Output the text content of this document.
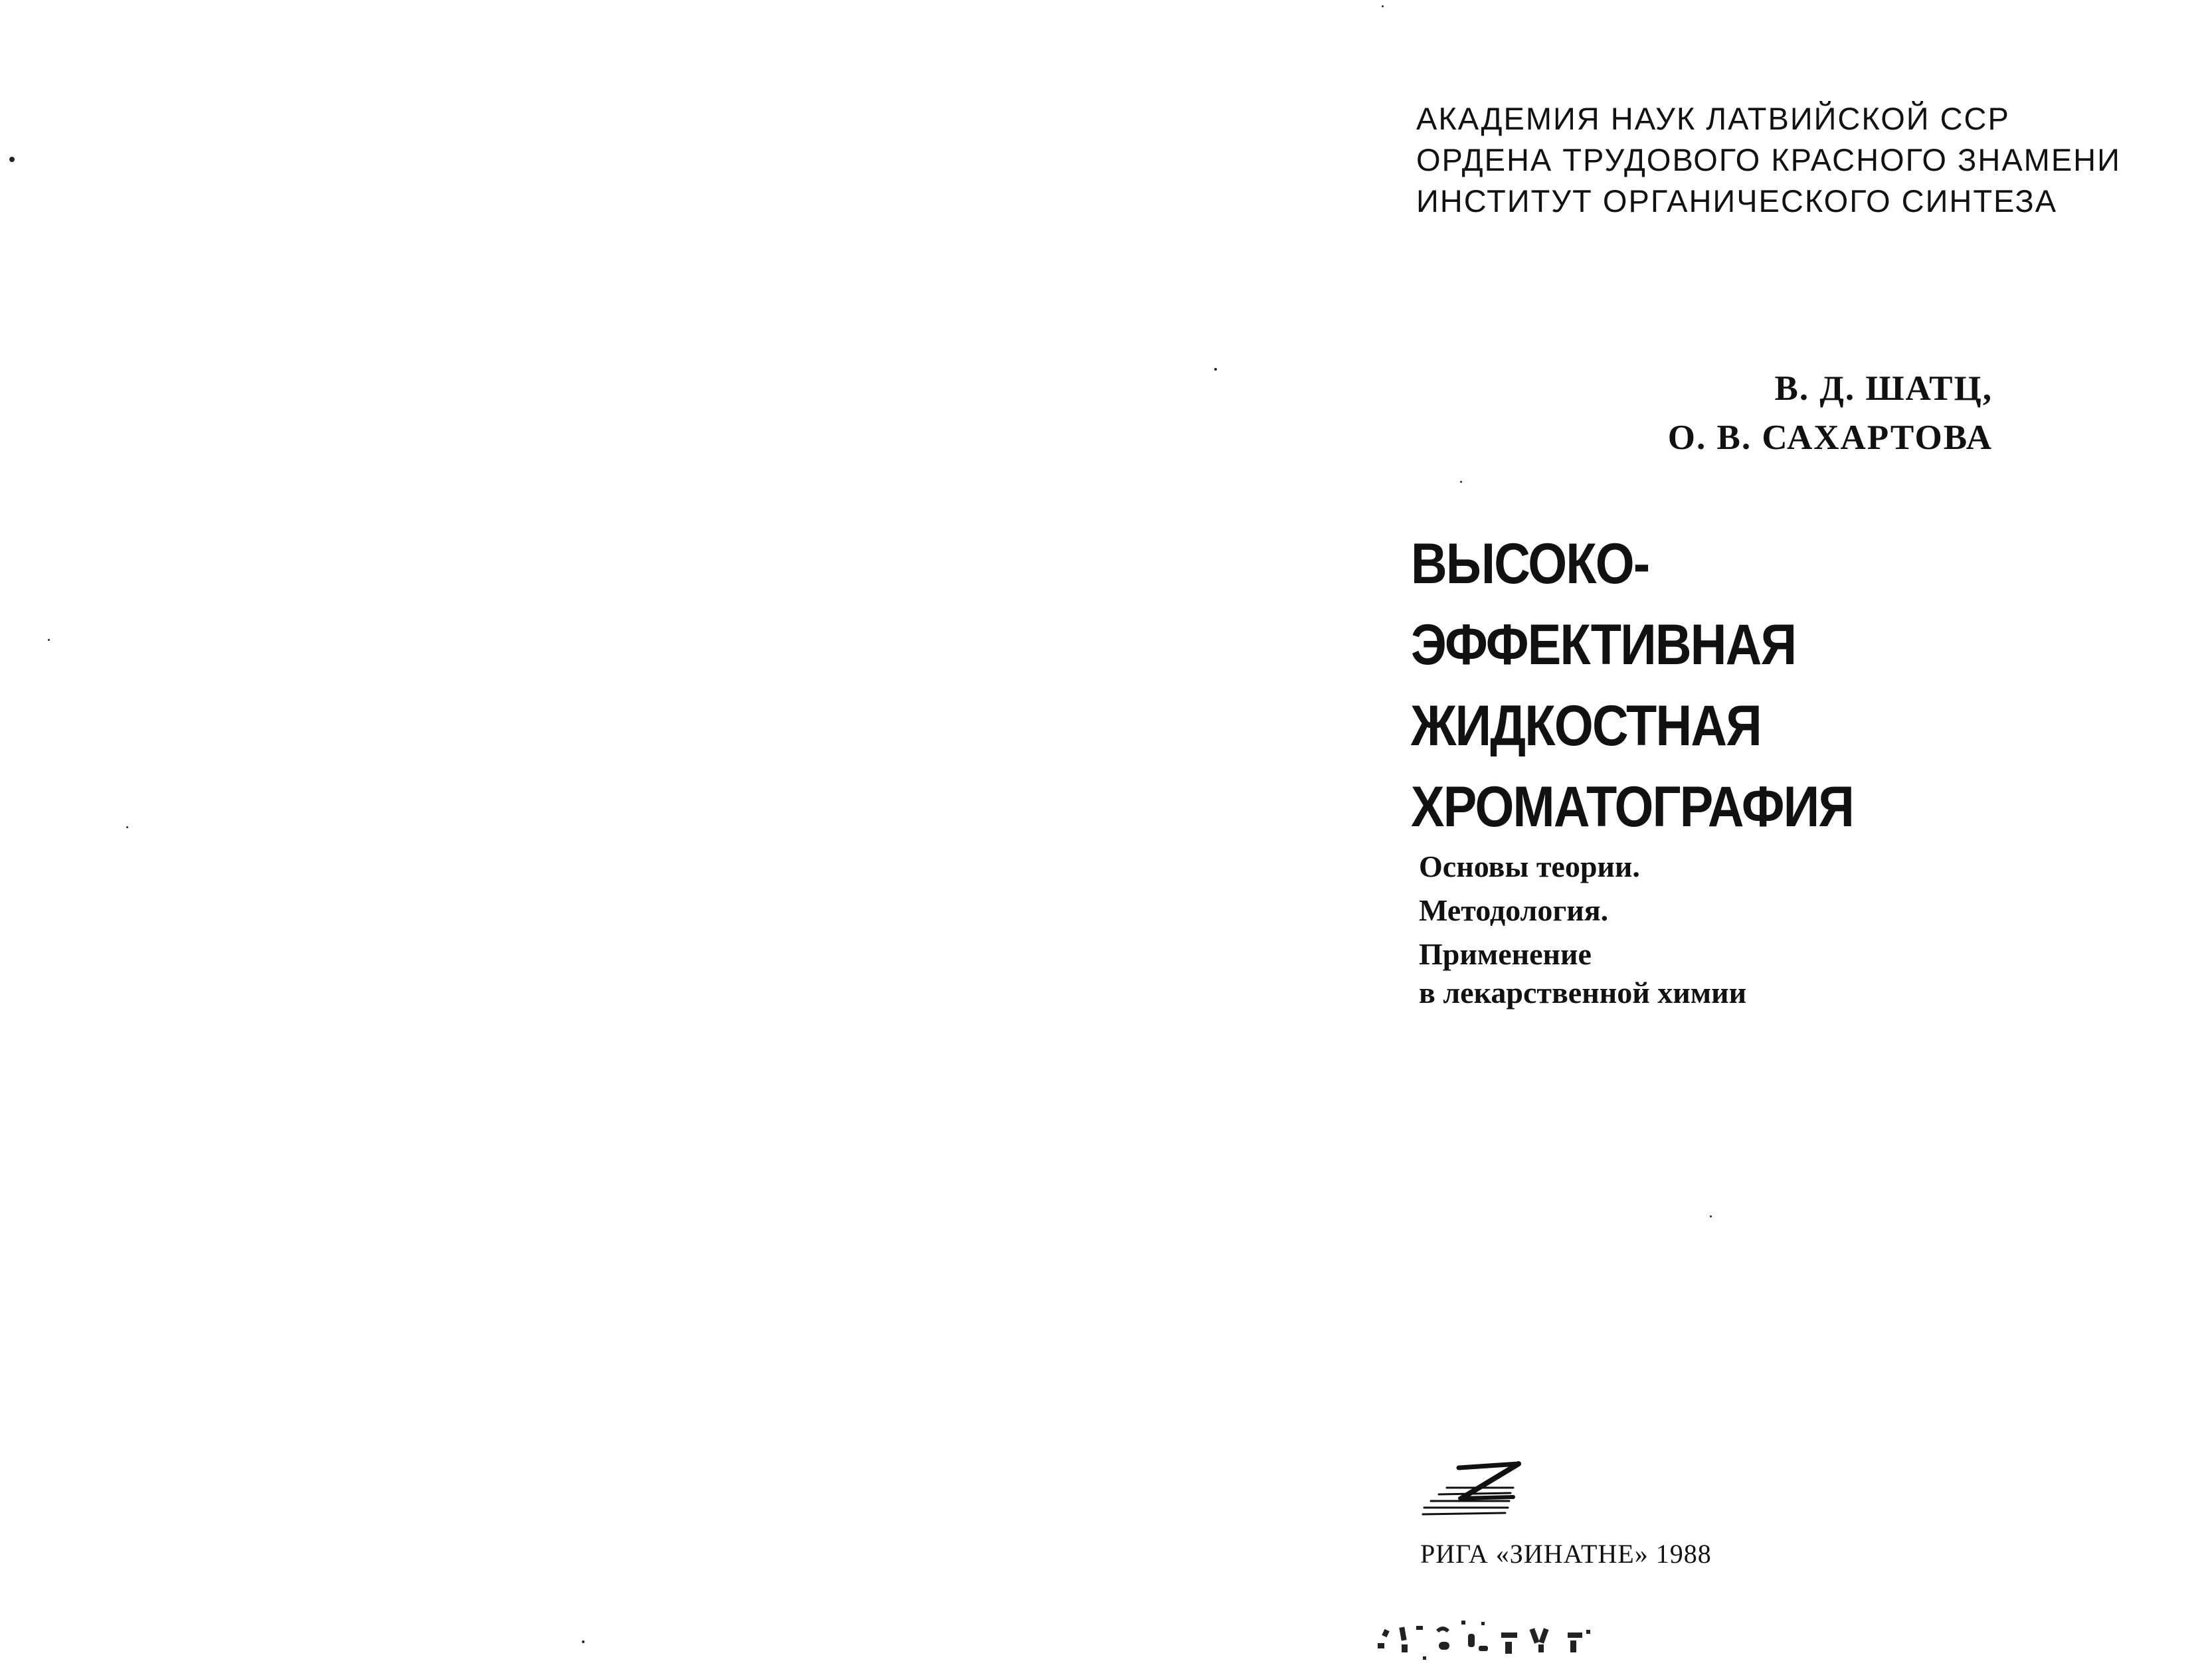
АКАДЕМИЯ НАУК ЛАТВИЙСКОЙ ССР
ОРДЕНА ТРУДОВОГО КРАСНОГО ЗНАМЕНИ
ИНСТИТУТ ОРГАНИЧЕСКОГО СИНТЕЗА
В. Д. ШАТЦ,
О. В. САХАРТОВА
ВЫСОКО-
ЭФФЕКТИВНАЯ
ЖИДКОСТНАЯ
ХРОМАТОГРАФИЯ
Основы теории.
Методология.
Применение
в лекарственной химии
РИГА «ЗИНАТНЕ» 1988
